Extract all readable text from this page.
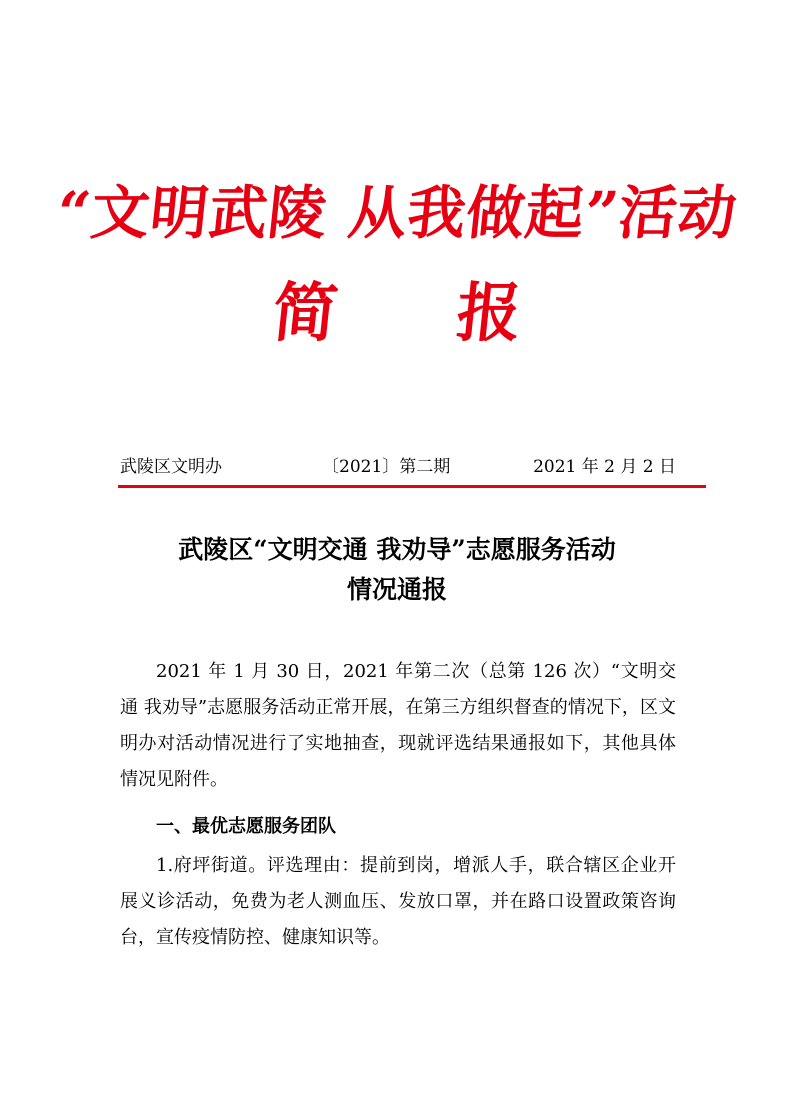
“文明武陵 从我做起”活动
简 报
武陵区文明办	〔2021〕第二期	2021 年 2 月 2 日
武陵区“文明交通 我劝导”志愿服务活动
情况通报

2021 年 1 月 30 日，2021 年第二次（总第 126 次）“文明交通 我劝导”志愿服务活动正常开展，在第三方组织督查的情况下，区文明办对活动情况进行了实地抽查，现就评选结果通报如下，其他具体情况见附件。

一、最优志愿服务团队

1.府坪街道。评选理由：提前到岗，增派人手，联合辖区企业开展义诊活动，免费为老人测血压、发放口罩，并在路口设置政策咨询台，宣传疫情防控、健康知识等。
